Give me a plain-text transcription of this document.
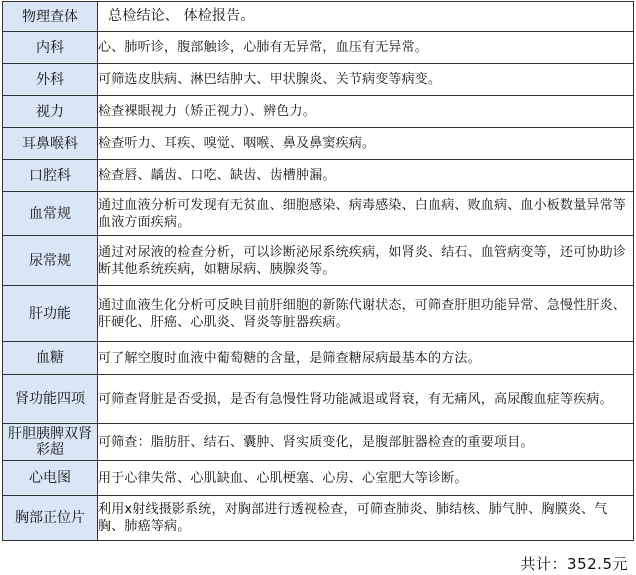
物理查体	总检结论、 体检报告。
内科	心、肺听诊，腹部触诊，心肺有无异常，血压有无异常。
外科	可筛选皮肤病、淋巴结肿大、甲状腺炎、关节病变等病变。
视力	检查裸眼视力（矫正视力）、辨色力。
耳鼻喉科	检查听力、耳疾、嗅觉、咽喉、鼻及鼻窦疾病。
口腔科	检查唇、龋齿、口吃、缺齿、齿槽肿漏。
血常规	通过血液分析可发现有无贫血、细胞感染、病毒感染、白血病、败血病、血小板数量异常等血液方面疾病。
尿常规	通过对尿液的检查分析，可以诊断泌尿系统疾病，如肾炎、结石、血管病变等，还可协助诊断其他系统疾病，如糖尿病、胰腺炎等。
肝功能	通过血液生化分析可反映目前肝细胞的新陈代谢状态，可筛查肝胆功能异常、急慢性肝炎、肝硬化、肝癌、心肌炎、肾炎等脏器疾病。
血糖	可了解空腹时血液中葡萄糖的含量，是筛查糖尿病最基本的方法。
肾功能四项	可筛查肾脏是否受损，是否有急慢性肾功能减退或肾衰，有无痛风，高尿酸血症等疾病。
肝胆胰脾双肾彩超	可筛查：脂肪肝、结石、囊肿、肾实质变化，是腹部脏器检查的重要项目。
心电图	用于心律失常、心肌缺血、心肌梗塞、心房、心室肥大等诊断。
胸部正位片	利用x射线摄影系统，对胸部进行透视检查，可筛查肺炎、肺结核、肺气肿、胸膜炎、气胸、肺癌等病。
共计：352.5元
